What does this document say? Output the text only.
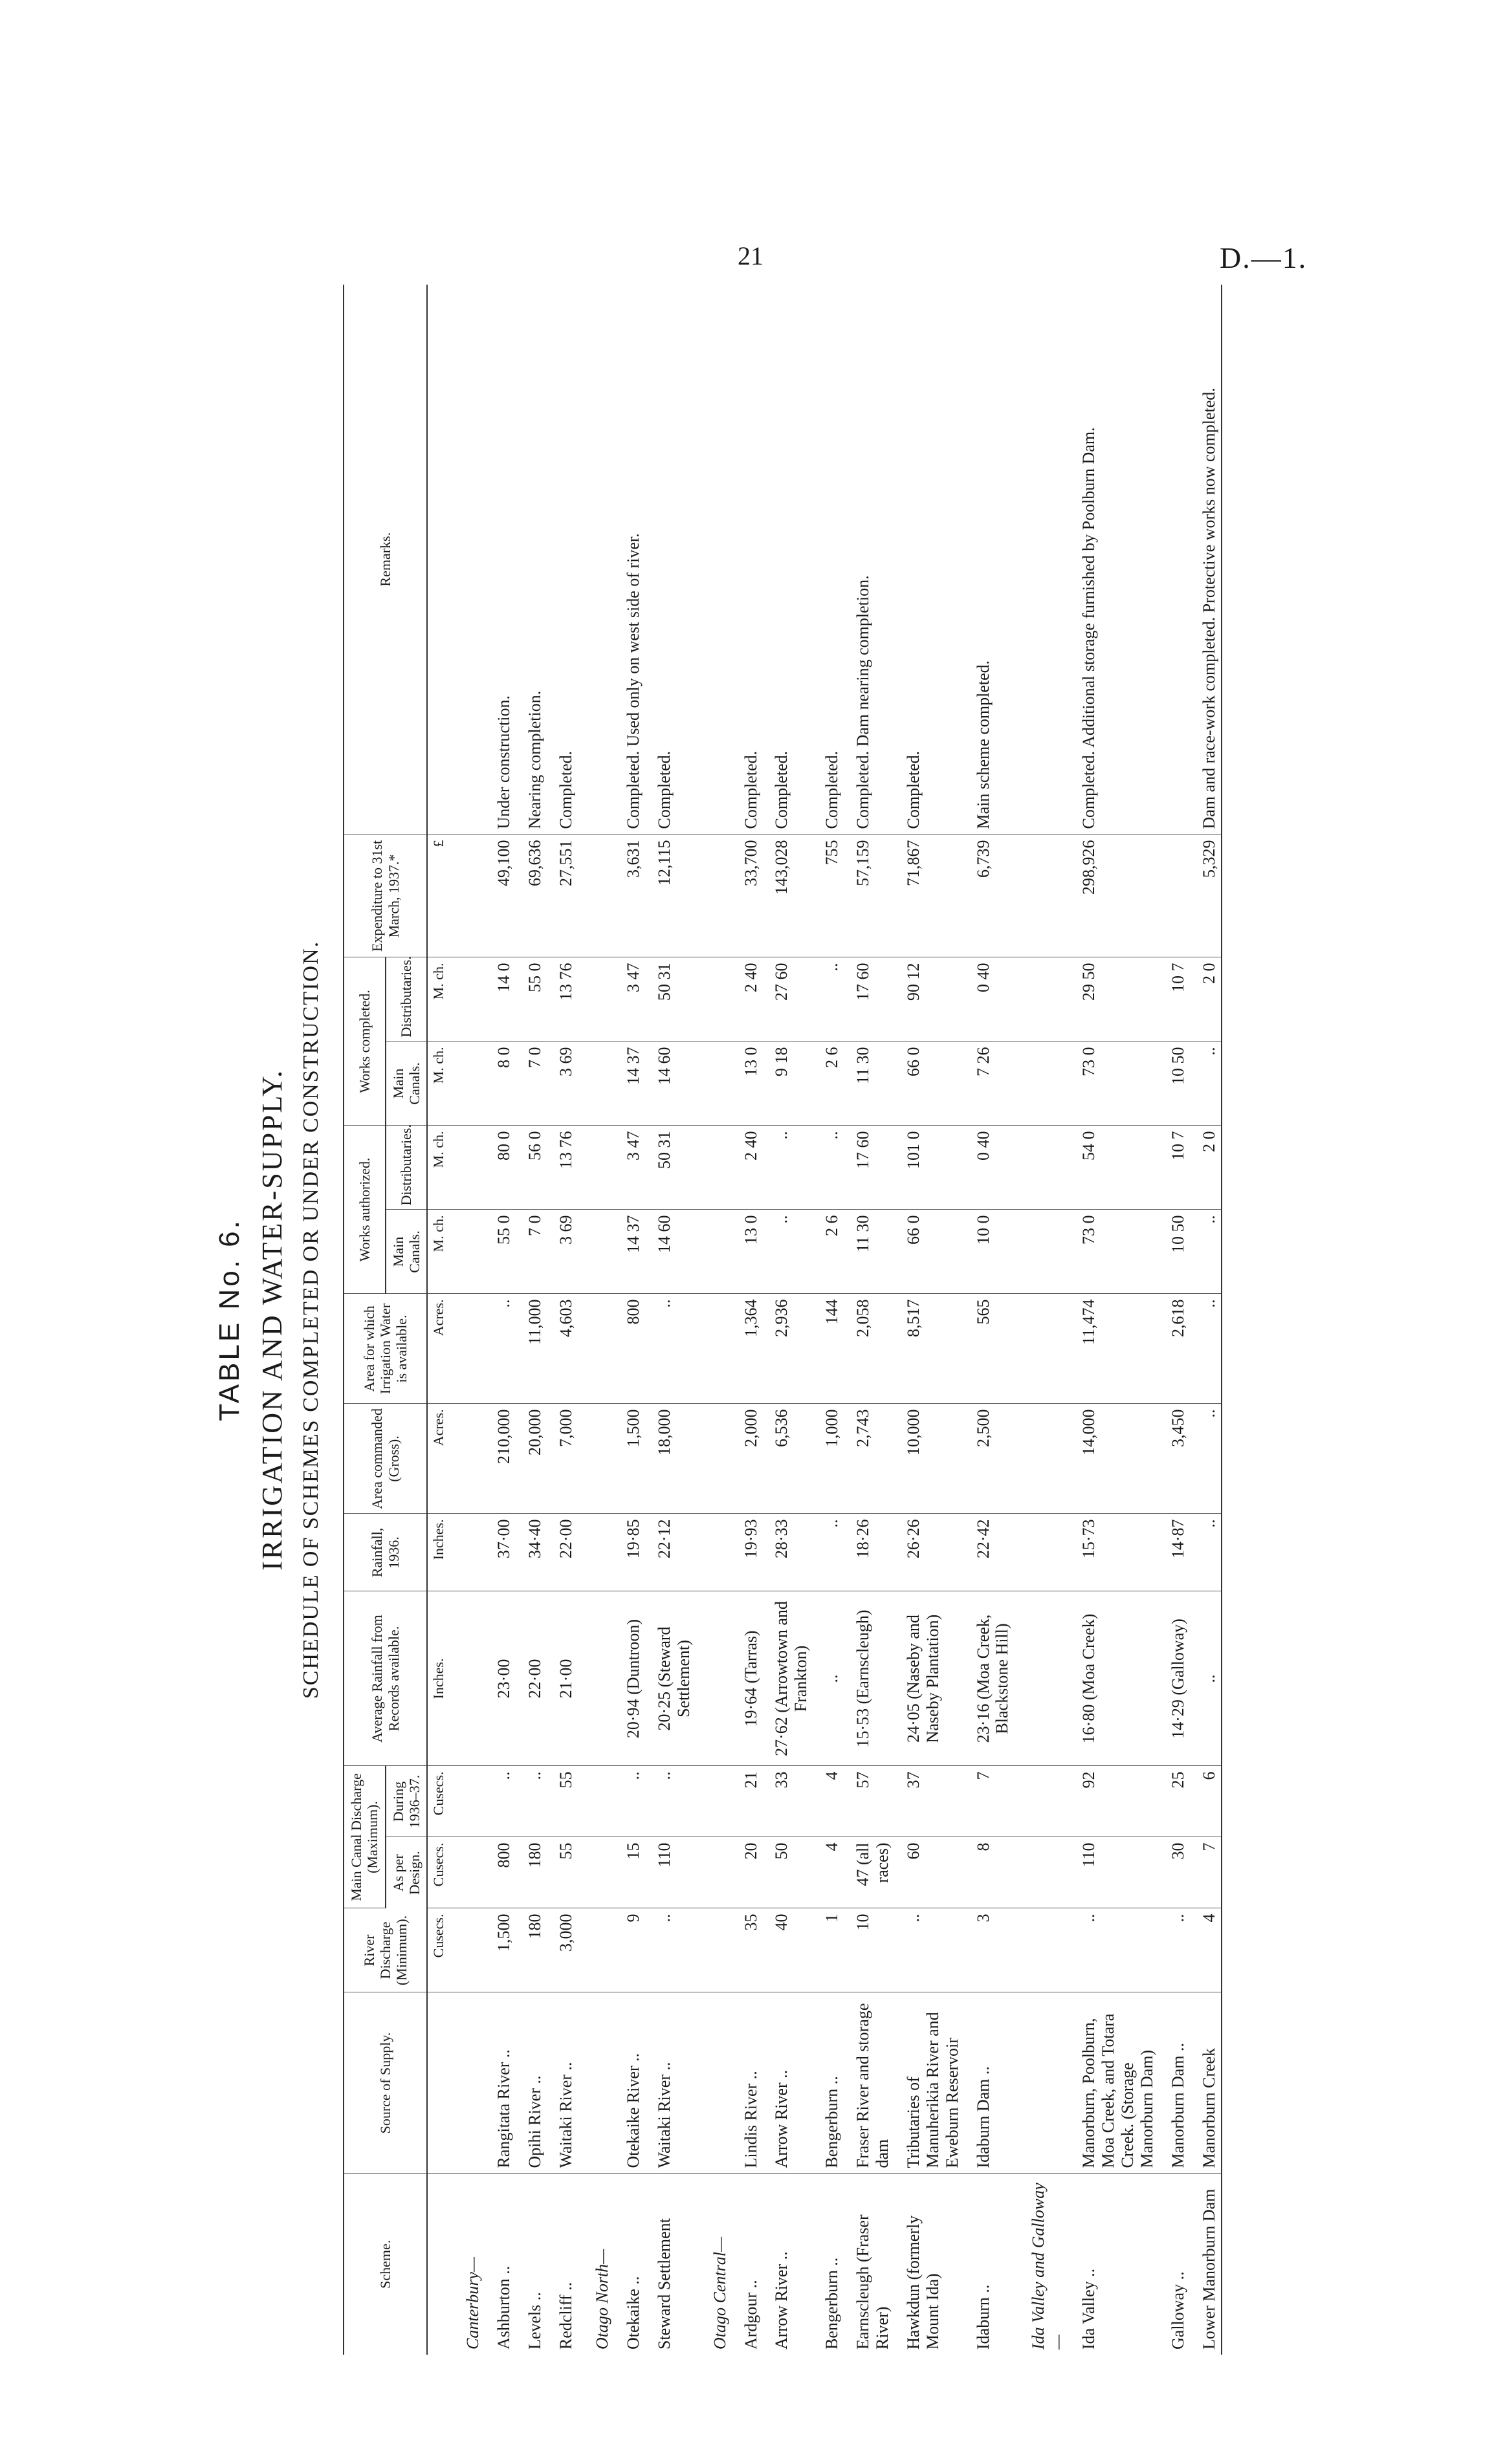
21	D.—1.
TABLE No. 6. IRRIGATION AND WATER-SUPPLY. SCHEDULE OF SCHEMES COMPLETED OR UNDER CONSTRUCTION.
Scheme.	Source of Supply.	River Discharge (Minimum).	Main Canal Discharge (Maximum).		Average Rainfall from Records available.	Rainfall, 1936.	Area commanded (Gross).	Area for which Irrigation Water is available.	Works authorized.		Works completed.		Expenditure to 31st March, 1937.*	Remarks.
			As per Design.	During 1936–37.					Main Canals.	Distributaries.	Main Canals.	Distributaries.		
		Cusecs.	Cusecs.	Cusecs.	Inches.	Inches.	Acres.	Acres.	M. ch.	M. ch.	M. ch.	M. ch.	£	
Canterbury—														
Ashburton ..	Rangitata River ..	1,500	800	..	23·00	37·00	210,000	..	55 0	80 0	8 0	14 0	49,100	Under construction.
Levels ..	Opihi River ..	180	180	..	22·00	34·40	20,000	11,000	7 0	56 0	7 0	55 0	69,636	Nearing completion.
Redcliff ..	Waitaki River ..	3,000	55	55	21·00	22·00	7,000	4,603	3 69	13 76	3 69	13 76	27,551	Completed.
Otago North—														
Otekaike ..	Otekaike River ..	9	15	..	20·94 (Duntroon)	19·85	1,500	800	14 37	3 47	14 37	3 47	3,631	Completed. Used only on west side of river.
Steward Settlement	Waitaki River ..	..	110	..	20·25 (Steward Settlement)	22·12	18,000	..	14 60	50 31	14 60	50 31	12,115	Completed.
Otago Central—														
Ardgour ..	Lindis River ..	35	20	21	19·64 (Tarras)	19·93	2,000	1,364	13 0	2 40	13 0	2 40	33,700	Completed.
Arrow River ..	Arrow River ..	40	50	33	27·62 (Arrowtown and Frankton)	28·33	6,536	2,936	..	..	9 18	27 60	143,028	Completed.
Bengerburn ..	Bengerburn ..	1	4	4	..	..	1,000	144	2 6	..	2 6	..	755	Completed.
Earnscleugh (Fraser River)	Fraser River and storage dam	10	47 (all races)	57	15·53 (Earnscleugh)	18·26	2,743	2,058	11 30	17 60	11 30	17 60	57,159	Completed. Dam nearing completion.
Hawkdun (formerly Mount Ida)	Tributaries of Manuherikia River and Eweburn Reservoir	..	60	37	24·05 (Naseby and Naseby Plantation)	26·26	10,000	8,517	66 0	101 0	66 0	90 12	71,867	Completed.
Idaburn ..	Idaburn Dam ..	3	8	7	23·16 (Moa Creek, Blackstone Hill)	22·42	2,500	565	10 0	0 40	7 26	0 40	6,739	Main scheme completed.
Ida Valley and Galloway—														
Ida Valley ..	Manorburn, Poolburn, Moa Creek, and Totara Creek. (Storage Manorburn Dam)	..	110	92	16·80 (Moa Creek)	15·73	14,000	11,474	73 0	54 0	73 0	29 50	298,926	Completed. Additional storage furnished by Poolburn Dam.
Galloway ..	Manorburn Dam ..	..	30	25	14·29 (Galloway)	14·87	3,450	2,618	10 50	10 7	10 50	10 7		
Lower Manorburn Dam	Manorburn Creek	4	7	6	..	..	..	..	..	2 0	..	2 0	5,329	Dam and race-work completed. Protective works now completed.
